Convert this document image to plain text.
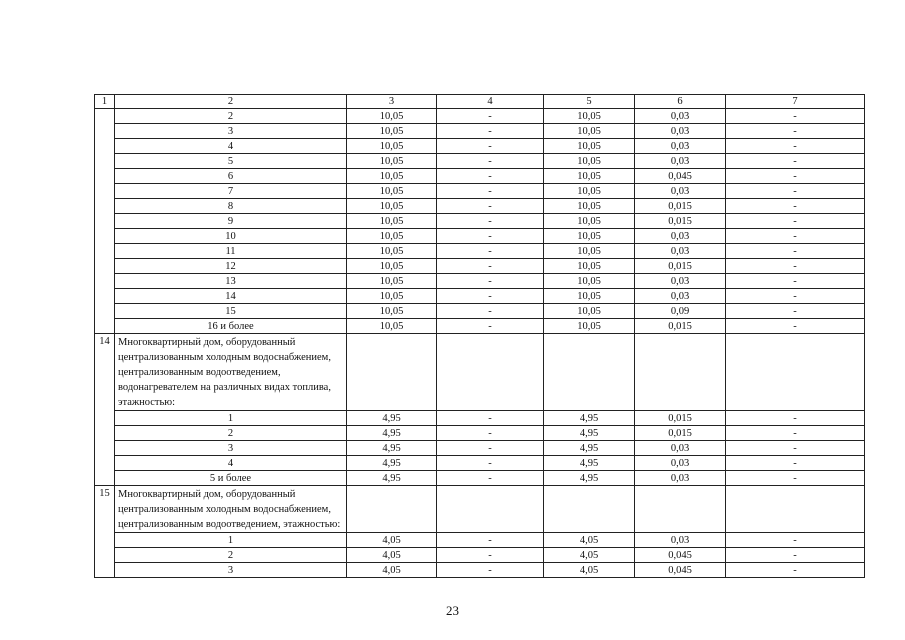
1	2	3	4	5	6	7
	2	10,05	-	10,05	0,03	-
	3	10,05	-	10,05	0,03	-
	4	10,05	-	10,05	0,03	-
	5	10,05	-	10,05	0,03	-
	6	10,05	-	10,05	0,045	-
	7	10,05	-	10,05	0,03	-
	8	10,05	-	10,05	0,015	-
	9	10,05	-	10,05	0,015	-
	10	10,05	-	10,05	0,03	-
	11	10,05	-	10,05	0,03	-
	12	10,05	-	10,05	0,015	-
	13	10,05	-	10,05	0,03	-
	14	10,05	-	10,05	0,03	-
	15	10,05	-	10,05	0,09	-
	16 и более	10,05	-	10,05	0,015	-
14	Многоквартирный дом, оборудованный централизованным холодным водоснабжением, централизованным водоотведением, водонагревателем на различных видах топлива, этажностью:					
	1	4,95	-	4,95	0,015	-
	2	4,95	-	4,95	0,015	-
	3	4,95	-	4,95	0,03	-
	4	4,95	-	4,95	0,03	-
	5 и более	4,95	-	4,95	0,03	-
15	Многоквартирный дом, оборудованный централизованным холодным водоснабжением, централизованным водоотведением, этажностью:					
	1	4,05	-	4,05	0,03	-
	2	4,05	-	4,05	0,045	-
	3	4,05	-	4,05	0,045	-
23
